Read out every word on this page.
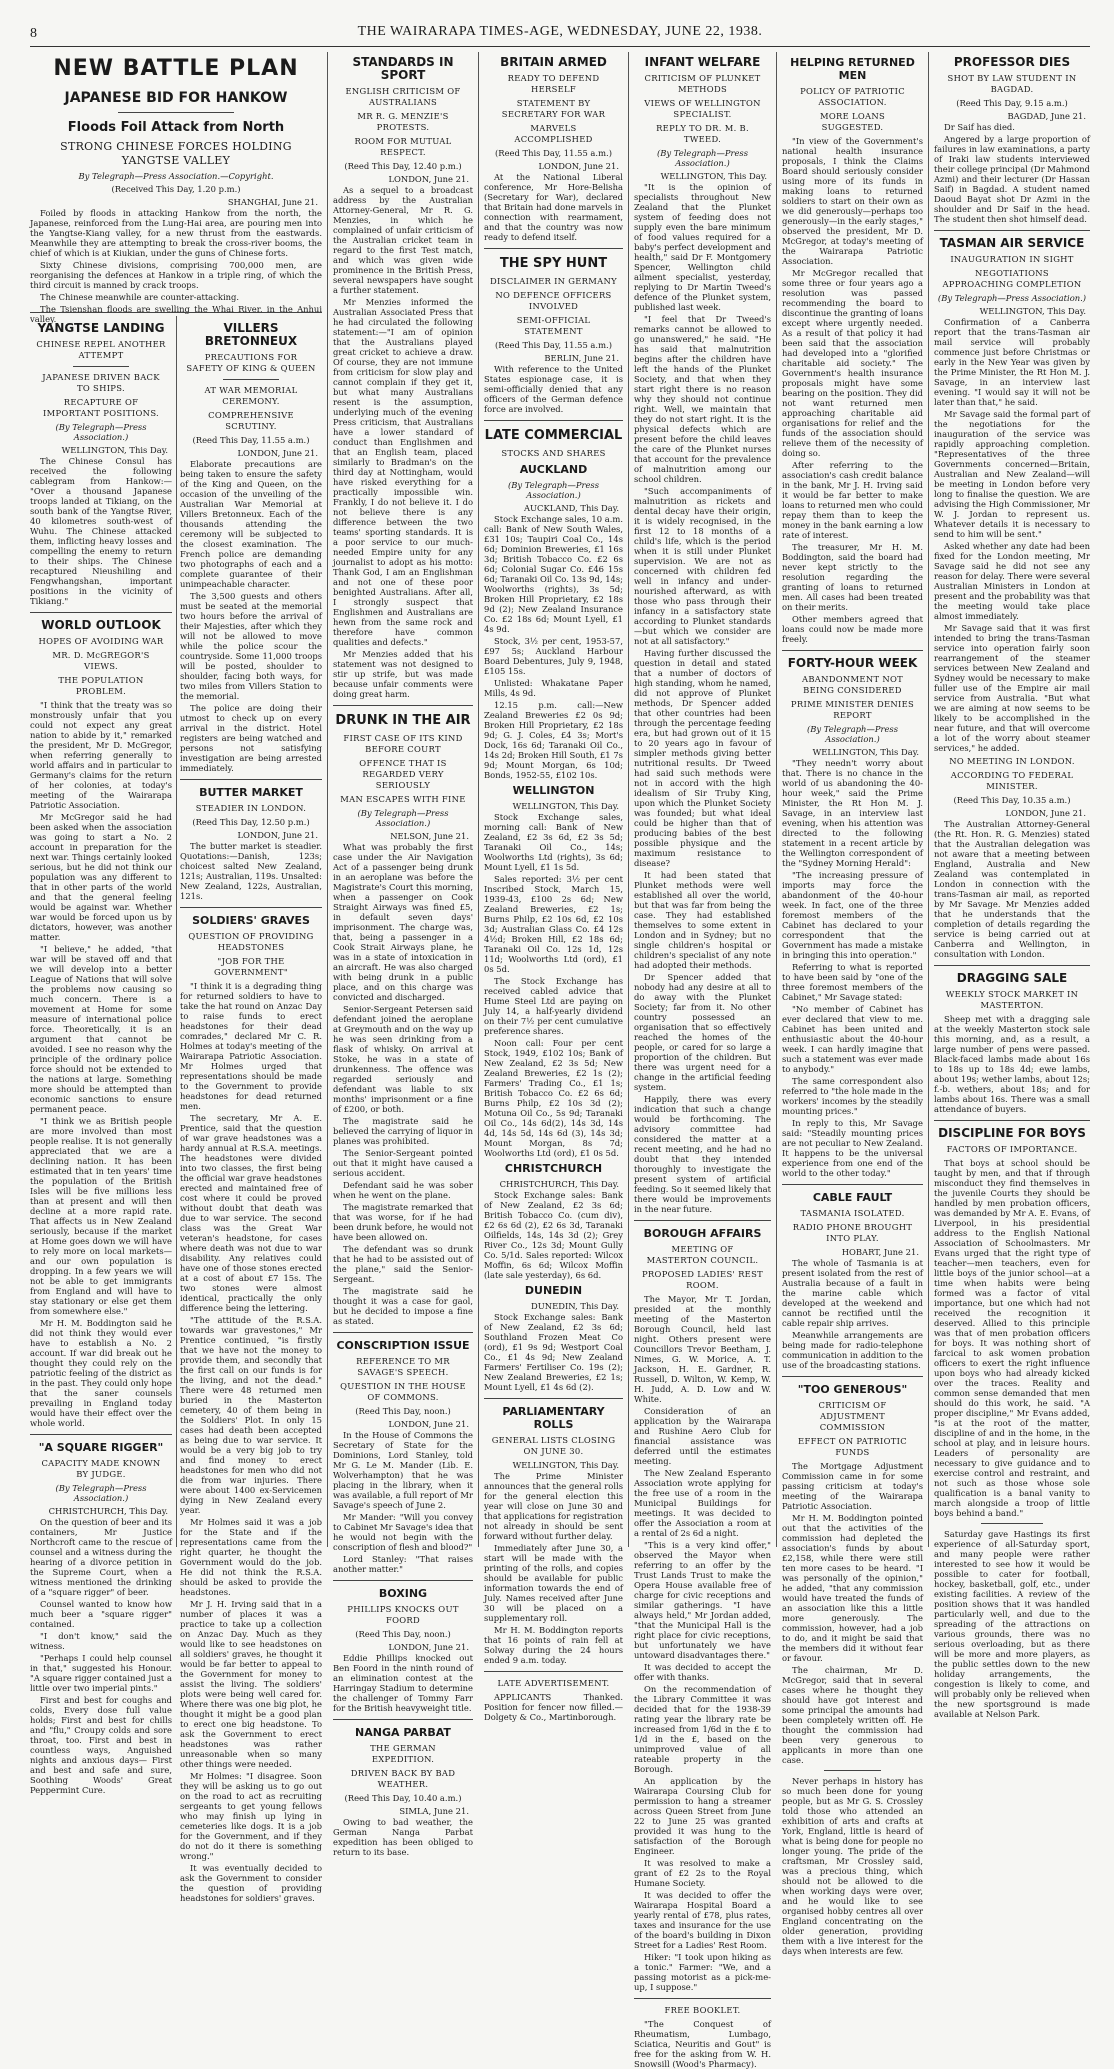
8	THE WAIRARAPA TIMES-AGE, WEDNESDAY, JUNE 22, 1938.
NEW BATTLE PLAN
JAPANESE BID FOR HANKOW
Floods Foil Attack from North
STRONG CHINESE FORCES HOLDING YANGTSE VALLEY
By Telegraph—Press Association.—Copyright.
(Received This Day, 1.20 p.m.)
SHANGHAI, June 21.

Foiled by floods in attacking Hankow from the north, the Japanese, reinforced from the Lung-Hai area, are pouring men into the Yangtse-Kiang valley, for a new thrust from the eastwards. Meanwhile they are attempting to break the cross-river booms, the chief of which is at Kiukian, under the guns of Chinese forts.

Sixty Chinese divisions, comprising 700,000 men, are reorganising the defences at Hankow in a triple ring, of which the third circuit is manned by crack troops.

The Chinese meanwhile are counter-attacking.

The Tsienshan floods are swelling the Whai River, in the Anhui valley.

YANGTSE LANDING
CHINESE REPEL ANOTHER ATTEMPT
JAPANESE DRIVEN BACK TO SHIPS.
RECAPTURE OF IMPORTANT POSITIONS.
(By Telegraph—Press Association.)
WELLINGTON, This Day.

The Chinese Consul has received the following cablegram from Hankow:— "Over a thousand Japanese troops landed at Tikiang, on the south bank of the Yangtse River, 40 kilometres south-west of Wuhu. The Chinese attacked them, inflicting heavy losses and compelling the enemy to return to their ships. The Chinese recaptured Nieushiling and Fengwhangshan, important positions in the vicinity of Tikiang."

WORLD OUTLOOK
HOPES OF AVOIDING WAR
MR. D. McGREGOR'S VIEWS.
THE POPULATION PROBLEM.

"I think that the treaty was so monstrously unfair that you could not expect any great nation to abide by it," remarked the president, Mr D. McGregor, when referring generally to world affairs and in particular to Germany's claims for the return of her colonies, at today's meeting of the Wairarapa Patriotic Association.

Mr McGregor said he had been asked when the association was going to start a No. 2 account in preparation for the next war. Things certainly looked serious, but he did not think our population was any different to that in other parts of the world and that the general feeling would be against war. Whether war would be forced upon us by dictators, however, was another matter.

"I believe," he added, "that war will be staved off and that we will develop into a better League of Nations that will solve the problems now causing so much concern. There is a movement at Home for some measure of international police force. Theoretically, it is an argument that cannot be avoided. I see no reason why the principle of the ordinary police force should not be extended to the nations at large. Something more should be attempted than economic sanctions to ensure permanent peace.

"I think we as British people are more involved than most people realise. It is not generally appreciated that we are a declining nation. It has been estimated that in ten years' time the population of the British Isles will be five millions less than at present and will then decline at a more rapid rate. That affects us in New Zealand seriously, because if the market at Home goes down we will have to rely more on local markets—and our own population is dropping. In a few years we will not be able to get immigrants from England and will have to stay stationary or else get them from somewhere else."

Mr H. M. Boddington said he did not think they would ever have to establish a No. 2 account. If war did break out he thought they could rely on the patriotic feeling of the district as in the past. They could only hope that the saner counsels prevailing in England today would have their effect over the whole world.

"A SQUARE RIGGER"
CAPACITY MADE KNOWN BY JUDGE.
(By Telegraph—Press Association.)
CHRISTCHURCH, This Day.

On the question of beer and its containers, Mr Justice Northcroft came to the rescue of counsel and a witness during the hearing of a divorce petition in the Supreme Court, when a witness mentioned the drinking of a "square rigger" of beer.

Counsel wanted to know how much beer a "square rigger" contained.

"I don't know," said the witness.

"Perhaps I could help counsel in that," suggested his Honour. "A square rigger contained just a little over two imperial pints."

First and best for coughs and colds, Every dose full value holds; First and best for chills and "flu," Croupy colds and sore throat, too. First and best in countless ways, Anguished nights and anxious days— First and best and safe and sure, Soothing Woods' Great Peppermint Cure.

VILLERS BRETONNEUX
PRECAUTIONS FOR SAFETY OF KING & QUEEN
AT WAR MEMORIAL CEREMONY.
COMPREHENSIVE SCRUTINY.
(Reed This Day, 11.55 a.m.)
LONDON, June 21.

Elaborate precautions are being taken to ensure the safety of the King and Queen, on the occasion of the unveiling of the Australian War Memorial at Villers Bretonneux. Each of the thousands attending the ceremony will be subjected to the closest examination. The French police are demanding two photographs of each and a complete guarantee of their unimpeachable character.

The 3,500 guests and others must be seated at the memorial two hours before the arrival of their Majesties, after which they will not be allowed to move while the police scour the countryside. Some 11,000 troops will be posted, shoulder to shoulder, facing both ways, for two miles from Villers Station to the memorial.

The police are doing their utmost to check up on every arrival in the district. Hotel registers are being watched and persons not satisfying investigation are being arrested immediately.

BUTTER MARKET
STEADIER IN LONDON.
(Reed This Day, 12.50 p.m.)
LONDON, June 21.

The butter market is steadier. Quotations:—Danish, 123s; choicest salted New Zealand, 121s; Australian, 119s. Unsalted: New Zealand, 122s, Australian, 121s.

SOLDIERS' GRAVES
QUESTION OF PROVIDING HEADSTONES
"JOB FOR THE GOVERNMENT"

"I think it is a degrading thing for returned soldiers to have to take the hat round on Anzac Day to raise funds to erect headstones for their dead comrades," declared Mr C. R. Holmes at today's meeting of the Wairarapa Patriotic Association. Mr Holmes urged that representations should be made to the Government to provide headstones for dead returned men.

The secretary, Mr A. E. Prentice, said that the question of war grave headstones was a hardy annual at R.S.A. meetings. The headstones were divided into two classes, the first being the official war grave headstones erected and maintained free of cost where it could be proved without doubt that death was due to war service. The second class was the Great War veteran's headstone, for cases where death was not due to war disability. Any relatives could have one of those stones erected at a cost of about £7 15s. The two stones were almost identical, practically the only difference being the lettering.

"The attitude of the R.S.A. towards war gravestones," Mr Prentice continued, "is firstly that we have not the money to provide them, and secondly that the first call on our funds is for the living, and not the dead." There were 48 returned men buried in the Masterton cemetery, 40 of them being in the Soldiers' Plot. In only 15 cases had death been accepted as being due to war service. It would be a very big job to try and find money to erect headstones for men who did not die from war injuries. There were about 1400 ex-Servicemen dying in New Zealand every year.

Mr Holmes said it was a job for the State and if the representations came from the right quarter, he thought the Government would do the job. He did not think the R.S.A. should be asked to provide the headstones.

Mr J. H. Irving said that in a number of places it was a practice to take up a collection on Anzac Day. Much as they would like to see headstones on all soldiers' graves, he thought it would be far better to appeal to the Government for money to assist the living. The soldiers' plots were being well cared for. Where there was one big plot, he thought it might be a good plan to erect one big headstone. To ask the Government to erect headstones was rather unreasonable when so many other things were needed.

Mr Holmes: "I disagree. Soon they will be asking us to go out on the road to act as recruiting sergeants to get young fellows who may finish up lying in cemeteries like dogs. It is a job for the Government, and if they do not do it there is something wrong."

It was eventually decided to ask the Government to consider the question of providing headstones for soldiers' graves.

STANDARDS IN SPORT
ENGLISH CRITICISM OF AUSTRALIANS
MR R. G. MENZIE'S PROTESTS.
ROOM FOR MUTUAL RESPECT.
(Reed This Day, 12.40 p.m.)
LONDON, June 21.

As a sequel to a broadcast address by the Australian Attorney-General, Mr R. G. Menzies, in which he complained of unfair criticism of the Australian cricket team in regard to the first Test match, and which was given wide prominence in the British Press, several newspapers have sought a further statement.

Mr Menzies informed the Australian Associated Press that he had circulated the following statement:—"I am of opinion that the Australians played great cricket to achieve a draw. Of course, they are not immune from criticism for slow play and cannot complain if they get it, but what many Australians resent is the assumption, underlying much of the evening Press criticism, that Australians have a lower standard of conduct than Englishmen and that an English team, placed similarly to Bradman's on the third day at Nottingham, would have risked everything for a practically impossible win. Frankly, I do not believe it. I do not believe there is any difference between the two teams' sporting standards. It is a poor service to our much-needed Empire unity for any journalist to adopt as his motto: Thank God, I am an Englishman and not one of these poor benighted Australians. After all, I strongly suspect that Englishmen and Australians are hewn from the same rock and therefore have common qualities and defects."

Mr Menzies added that his statement was not designed to stir up strife, but was made because unfair comments were doing great harm.

DRUNK IN THE AIR
FIRST CASE OF ITS KIND BEFORE COURT
OFFENCE THAT IS REGARDED VERY SERIOUSLY
MAN ESCAPES WITH FINE
(By Telegraph—Press Association.)
NELSON, June 21.

What was probably the first case under the Air Navigation Act of a passenger being drunk in an aeroplane was before the Magistrate's Court this morning, when a passenger on Cook Straight Airways was fined £5, in default seven days' imprisonment. The charge was, that, being a passenger in a Cook Strait Airways plane, he was in a state of intoxication in an aircraft. He was also charged with being drunk in a public place, and on this charge was convicted and discharged.

Senior-Sergeant Petersen said defendant joined the aeroplane at Greymouth and on the way up he was seen drinking from a flask of whisky. On arrival at Stoke, he was in a state of drunkenness. The offence was regarded seriously and defendant was liable to six months' imprisonment or a fine of £200, or both.

The magistrate said he believed the carrying of liquor in planes was prohibited.

The Senior-Sergeant pointed out that it might have caused a serious accident.

Defendant said he was sober when he went on the plane.

The magistrate remarked that that was worse, for if he had been drunk before, he would not have been allowed on.

The defendant was so drunk that he had to be assisted out of the plane," said the Senior-Sergeant.

The magistrate said he thought it was a case for gaol, but he decided to impose a fine as stated.

CONSCRIPTION ISSUE
REFERENCE TO MR SAVAGE'S SPEECH.
QUESTION IN THE HOUSE OF COMMONS.
(Reed This Day, noon.)
LONDON, June 21.

In the House of Commons the Secretary of State for the Dominions, Lord Stanley, told Mr G. Le M. Mander (Lib. E. Wolverhampton) that he was placing in the library, when it was available, a full report of Mr Savage's speech of June 2.

Mr Mander: "Will you convey to Cabinet Mr Savage's idea that he would not begin with the conscription of flesh and blood?"

Lord Stanley: "That raises another matter."

BOXING
PHILLIPS KNOCKS OUT FOORD
(Reed This Day, noon.)
LONDON, June 21.

Eddie Phillips knocked out Ben Foord in the ninth round of an elimination contest at the Harringay Stadium to determine the challenger of Tommy Farr for the British heavyweight title.

NANGA PARBAT
THE GERMAN EXPEDITION.
DRIVEN BACK BY BAD WEATHER.
(Reed This Day, 10.40 a.m.)
SIMLA, June 21.

Owing to bad weather, the German Nanga Parbat expedition has been obliged to return to its base.

BRITAIN ARMED
READY TO DEFEND HERSELF
STATEMENT BY SECRETARY FOR WAR
MARVELS ACCOMPLISHED
(Reed This Day, 11.55 a.m.)
LONDON, June 21.

At the National Liberal conference, Mr Hore-Belisha (Secretary for War), declared that Britain had done marvels in connection with rearmament, and that the country was now ready to defend itself.

THE SPY HUNT
DISCLAIMER IN GERMANY
NO DEFENCE OFFICERS INVOLVED
SEMI-OFFICIAL STATEMENT
(Reed This Day, 11.55 a.m.)
BERLIN, June 21.

With reference to the United States espionage case, it is semi-officially denied that any officers of the German defence force are involved.

LATE COMMERCIAL
STOCKS AND SHARES
AUCKLAND
(By Telegraph—Press Association.)
AUCKLAND, This Day.

Stock Exchange sales, 10 a.m. call: Bank of New South Wales, £31 10s; Taupiri Coal Co., 14s 6d; Dominion Breweries, £1 16s 3d; British Tobacco Co. £2 6s 6d; Colonial Sugar Co. £46 15s 6d; Taranaki Oil Co. 13s 9d, 14s; Woolworths (rights), 3s 5d; Broken Hill Proprietary, £2 18s 9d (2); New Zealand Insurance Co. £2 18s 6d; Mount Lyell, £1 4s 9d.

Stock, 3½ per cent, 1953-57, £97 5s; Auckland Harbour Board Debentures, July 9, 1948, £105 15s.

Unlisted: Whakatane Paper Mills, 4s 9d.

12.15 p.m. call:—New Zealand Breweries £2 0s 9d; Broken Hill Proprietary, £2 18s 9d; G. J. Coles, £4 3s; Mort's Dock, 16s 6d; Taranaki Oil Co., 14s 2d; Broken Hill South, £1 7s 9d; Mount Morgan, 6s 10d; Bonds, 1952-55, £102 10s.

WELLINGTON
WELLINGTON, This Day.

Stock Exchange sales, morning call: Bank of New Zealand, £2 3s 6d, £2 3s 5d; Taranaki Oil Co., 14s; Woolworths Ltd (rights), 3s 6d; Mount Lyell, £1 1s 5d.

Sales reported: 3½ per cent Inscribed Stock, March 15, 1939-43, £100 2s 6d; New Zealand Breweries, £2 1s; Burns Philp, £2 10s 6d, £2 10s 3d; Australian Glass Co. £4 12s 4½d; Broken Hill, £2 18s 6d; Taranaki Oil Co. 12s 1d, 12s 11d; Woolworths Ltd (ord), £1 0s 5d.

The Stock Exchange has received cabled advice that Hume Steel Ltd are paying on July 14, a half-yearly dividend on their 7½ per cent cumulative preference shares.

Noon call: Four per cent Stock, 1949, £102 10s; Bank of New Zealand, £2 3s 5d; New Zealand Breweries, £2 1s (2); Farmers' Trading Co., £1 1s; British Tobacco Co. £2 6s 6d; Burns Philp, £2 10s 3d (2); Motuna Oil Co., 5s 9d; Taranaki Oil Co., 14s 6d(2), 14s 3d, 14s 4d, 14s 5d, 14s 6d (3), 14s 3d; Mount Morgan, 8s 7d; Woolworths Ltd (ord), £1 0s 5d.

CHRISTCHURCH
CHRISTCHURCH, This Day.

Stock Exchange sales: Bank of New Zealand, £2 3s 6d; British Tobacco Co. (cum div), £2 6s 6d (2), £2 6s 3d, Taranaki Oilfields, 14s, 14s 3d (2); Grey River Co., 12s 3d; Mount Gully Co. 5/1d. Sales reported: Wilcox Moffin, 6s 6d; Wilcox Moffin (late sale yesterday), 6s 6d.

DUNEDIN
DUNEDIN, This Day.

Stock Exchange sales: Bank of New Zealand, £2 3s 6d; Southland Frozen Meat Co (ord), £1 9s 9d; Westport Coal Co., £1 4s 9d; New Zealand Farmers' Fertiliser Co. 19s (2); New Zealand Breweries, £2 1s; Mount Lyell, £1 4s 6d (2).

PARLIAMENTARY ROLLS
GENERAL LISTS CLOSING ON JUNE 30.
WELLINGTON, This Day.

The Prime Minister announces that the general rolls for the general election this year will close on June 30 and that applications for registration not already in should be sent forward without further delay.

Immediately after June 30, a start will be made with the printing of the rolls, and copies should be available for public information towards the end of July. Names received after June 30 will be placed on a supplementary roll.

Mr H. M. Boddington reports that 16 points of rain fell at Solway during the 24 hours ended 9 a.m. today.

LATE ADVERTISEMENT.

APPLICANTS Thanked. Position for fencer now filled.—Dolgety & Co., Martinborough.

INFANT WELFARE
CRITICISM OF PLUNKET METHODS
VIEWS OF WELLINGTON SPECIALIST.
REPLY TO DR. M. B. TWEED.
(By Telegraph—Press Association.)
WELLINGTON, This Day.

"It is the opinion of specialists throughout New Zealand that the Plunket system of feeding does not supply even the bare minimum of food values required for a baby's perfect development and health," said Dr F. Montgomery Spencer, Wellington child ailment specialist, yesterday, replying to Dr Martin Tweed's defence of the Plunket system, published last week.

"I feel that Dr Tweed's remarks cannot be allowed to go unanswered," he said. "He has said that malnutrition begins after the children have left the hands of the Plunket Society, and that when they start right there is no reason why they should not continue right. Well, we maintain that they do not start right. It is the physical defects which are present before the child leaves the care of the Plunket nurses that account for the prevalence of malnutrition among our school children.

"Such accompaniments of malnutrition as rickets and dental decay have their origin, it is widely recognised, in the first 12 to 18 months of a child's life, which is the period when it is still under Plunket supervision. We are not as concerned with children fed well in infancy and under-nourished afterward, as with those who pass through their infancy in a satisfactory state according to Plunket standards—but which we consider are not at all satisfactory."

Having further discussed the question in detail and stated that a number of doctors of high standing, whom he named, did not approve of Plunket methods, Dr Spencer added that other countries had been through the percentage feeding era, but had grown out of it 15 to 20 years ago in favour of simpler methods giving better nutritional results. Dr Tweed had said such methods were not in accord with the high idealism of Sir Truby King, upon which the Plunket Society was founded; but what ideal could be higher than that of producing babies of the best possible physique and the maximum resistance to disease?

It had been stated that Plunket methods were well established all over the world, but that was far from being the case. They had established themselves to some extent in London and in Sydney; but no single children's hospital or children's specialist of any note had adopted their methods.

Dr Spencer added that nobody had any desire at all to do away with the Plunket Society; far from it. No other country possessed an organisation that so effectively reached the homes of the people, or cared for so large a proportion of the children. But there was urgent need for a change in the artificial feeding system.

Happily, there was every indication that such a change would be forthcoming. The advisory committee had considered the matter at a recent meeting, and he had no doubt that they intended thoroughly to investigate the present system of artificial feeding. So it seemed likely that there would be improvements in the near future.

BOROUGH AFFAIRS
MEETING OF MASTERTON COUNCIL.
PROPOSED LADIES' REST ROOM.

The Mayor, Mr T. Jordan, presided at the monthly meeting of the Masterton Borough Council, held last night. Others present were Councillors Trevor Beetham, J. Nimes, G. W. Morice, A. T. Jackson, H. E. Gardner, R. Russell, D. Wilton, W. Kemp, W. H. Judd, A. D. Low and W. White.

Consideration of an application by the Wairarapa and Rushine Aero Club for financial assistance was deferred until the estimates meeting.

The New Zealand Esperanto Association wrote applying for the free use of a room in the Municipal Buildings for meetings. It was decided to offer the Association a room at a rental of 2s 6d a night.

"This is a very kind offer," observed the Mayor when referring to an offer by the Trust Lands Trust to make the Opera House available free of charge for civic receptions and similar gatherings. "I have always held," Mr Jordan added, "that the Municipal Hall is the right place for civic receptions, but unfortunately we have untoward disadvantages there."

It was decided to accept the offer with thanks.

On the recommendation of the Library Committee it was decided that for the 1938-39 rating year the library rate be increased from 1/6d in the £ to 1/d in the £, based on the unimproved value of all rateable property in the Borough.

An application by the Wairarapa Coursing Club for permission to hang a streamer across Queen Street from June 22 to June 25 was granted provided it was hung to the satisfaction of the Borough Engineer.

It was resolved to make a grant of £2 2s to the Royal Humane Society.

It was decided to offer the Wairarapa Hospital Board a yearly rental of £78, plus rates, taxes and insurance for the use of the board's building in Dixon Street for a Ladies' Rest Room.

Hiker: "I took upon hiking as a tonic." Farmer: "We, and a passing motorist as a pick-me-up, I suppose."

FREE BOOKLET.

"The Conquest of Rheumatism, Lumbago, Sciatica, Neuritis and Gout" is free for the asking from W. H. Snowsill (Wood's Pharmacy).

HELPING RETURNED MEN
POLICY OF PATRIOTIC ASSOCIATION.
MORE LOANS SUGGESTED.

"In view of the Government's national health insurance proposals, I think the Claims Board should seriously consider using more of its funds in making loans to returned soldiers to start on their own as we did generously—perhaps too generously—in the early stages," observed the president, Mr D. McGregor, at today's meeting of the Wairarapa Patriotic Association.

Mr McGregor recalled that some three or four years ago a resolution was passed recommending the board to discontinue the granting of loans except where urgently needed. As a result of that policy it had been said that the association had developed into a "glorified charitable aid society." The Government's health insurance proposals might have some bearing on the position. They did not want returned men approaching charitable aid organisations for relief and the funds of the association should relieve them of the necessity of doing so.

After referring to the association's cash credit balance in the bank, Mr J. H. Irving said it would be far better to make loans to returned men who could repay them than to keep the money in the bank earning a low rate of interest.

The treasurer, Mr H. M. Boddington, said the board had never kept strictly to the resolution regarding the granting of loans to returned men. All cases had been treated on their merits.

Other members agreed that loans could now be made more freely.

FORTY-HOUR WEEK
ABANDONMENT NOT BEING CONSIDERED
PRIME MINISTER DENIES REPORT
(By Telegraph—Press Association.)
WELLINGTON, This Day.

"They needn't worry about that. There is no chance in the world of us abandoning the 40-hour week," said the Prime Minister, the Rt Hon M. J. Savage, in an interview last evening, when his attention was directed to the following statement in a recent article by the Wellington correspondent of the "Sydney Morning Herald":

"The increasing pressure of imports may force the abandonment of the 40-hour week. In fact, one of the three foremost members of the Cabinet has declared to your correspondent that the Government has made a mistake in bringing this into operation."

Referring to what is reported to have been said by "one of the three foremost members of the Cabinet," Mr Savage stated:

"No member of Cabinet has ever declared that view to me. Cabinet has been united and enthusiastic about the 40-hour week. I can hardly imagine that such a statement was ever made to anybody."

The same correspondent also referred to "the hole made in the workers' incomes by the steadily mounting prices."

In reply to this, Mr Savage said: "Steadily mounting prices are not peculiar to New Zealand. It happens to be the universal experience from one end of the world to the other today."

CABLE FAULT
TASMANIA ISOLATED.
RADIO PHONE BROUGHT INTO PLAY.
HOBART, June 21.

The whole of Tasmania is at present isolated from the rest of Australia because of a fault in the marine cable which developed at the weekend and cannot be rectified until the cable repair ship arrives.

Meanwhile arrangements are being made for radio-telephone communication in addition to the use of the broadcasting stations.

"TOO GENEROUS"
CRITICISM OF ADJUSTMENT COMMISSION
EFFECT ON PATRIOTIC FUNDS

The Mortgage Adjustment Commission came in for some passing criticism at today's meeting of the Wairarapa Patriotic Association.

Mr H. M. Boddington pointed out that the activities of the commission had depleted the association's funds by about £2,158, while there were still ten more cases to be heard. "I was personally of the opinion," he added, "that any commission would have treated the funds of an association like this a little more generously. The commission, however, had a job to do, and it might be said that the members did it without fear or favour.

The chairman, Mr D. McGregor, said that in several cases where he thought they should have got interest and some principal the amounts had been completely written off. He thought the commission had been very generous to applicants in more than one case.

Never perhaps in history has so much been done for young people, but as Mr G. S. Crossley told those who attended an exhibition of arts and crafts at York, England, little is heard of what is being done for people no longer young. The pride of the craftsman, Mr Crossley said, was a precious thing, which should not be allowed to die when working days were over, and he would like to see organised hobby centres all over England concentrating on the older generation, providing them with a live interest for the days when interests are few.

PROFESSOR DIES
SHOT BY LAW STUDENT IN BAGDAD.
(Reed This Day, 9.15 a.m.)
BAGDAD, June 21.

Dr Saif has died.

Angered by a large proportion of failures in law examinations, a party of Iraki law students interviewed their college principal (Dr Mahmond Azmi) and their lecturer (Dr Hassan Saif) in Bagdad. A student named Daoud Bayat shot Dr Azmi in the shoulder and Dr Saif in the head. The student then shot himself dead.

TASMAN AIR SERVICE
INAUGURATION IN SIGHT
NEGOTIATIONS APPROACHING COMPLETION
(By Telegraph—Press Association.)
WELLINGTON, This Day.

Confirmation of a Canberra report that the trans-Tasman air mail service will probably commence just before Christmas or early in the New Year was given by the Prime Minister, the Rt Hon M. J. Savage, in an interview last evening. "I would say it will not be later than that," he said.

Mr Savage said the formal part of the negotiations for the inauguration of the service was rapidly approaching completion. "Representatives of the three Governments concerned—Britain, Australian and New Zealand—will be meeting in London before very long to finalise the question. We are advising the High Commissioner, Mr W. J. Jordan to represent us. Whatever details it is necessary to send to him will be sent."

Asked whether any date had been fixed for the London meeting, Mr Savage said he did not see any reason for delay. There were several Australian Ministers in London at present and the probability was that the meeting would take place almost immediately.

Mr Savage said that it was first intended to bring the trans-Tasman service into operation fairly soon rearrangement of the steamer services between New Zealand and Sydney would be necessary to make fuller use of the Empire air mail service from Australia. "But what we are aiming at now seems to be likely to be accomplished in the near future, and that will overcome a lot of the worry about steamer services," he added.

NO MEETING IN LONDON.
ACCORDING TO FEDERAL MINISTER.
(Reed This Day, 10.35 a.m.)
LONDON, June 21.

The Australian Attorney-General (the Rt. Hon. R. G. Menzies) stated that the Australian delegation was not aware that a meeting between England, Australia and New Zealand was contemplated in London in connection with the trans-Tasman air mail, as reported by Mr Savage. Mr Menzies added that he understands that the completion of details regarding the service is being carried out at Canberra and Wellington, in consultation with London.

DRAGGING SALE
WEEKLY STOCK MARKET IN MASTERTON.

Sheep met with a dragging sale at the weekly Masterton stock sale this morning, and, as a result, a large number of pens were passed. Black-faced lambs made about 16s to 18s up to 18s 4d; ewe lambs, about 19s; wether lambs, about 12s; f.-b. wethers, about 18s; and for lambs about 16s. There was a small attendance of buyers.

DISCIPLINE FOR BOYS
FACTORS OF IMPORTANCE.

That boys at school should be taught by men, and that if through misconduct they find themselves in the juvenile Courts they should be handled by men probation officers, was demanded by Mr A. E. Evans, of Liverpool, in his presidential address to the English National Association of Schoolmasters. Mr Evans urged that the right type of teacher—men teachers, even for little boys of the junior school—at a time when habits were being formed was a factor of vital importance, but one which had not received the recognition it deserved. Allied to this principle was that of men probation officers for boys. It was nothing short of farcical to ask women probation officers to exert the right influence upon boys who had already kicked over the traces. Reality and common sense demanded that men should do this work, he said. "A proper discipline," Mr Evans added, "is at the root of the matter, discipline of and in the home, in the school at play, and in leisure hours. Leaders of personality are necessary to give guidance and to exercise control and restraint, and not such as those whose sole qualification is a banal vanity to march alongside a troop of little boys behind a band."

Saturday gave Hastings its first experience of all-Saturday sport, and many people were rather interested to see how it would be possible to cater for football, hockey, basketball, golf, etc., under existing facilities. A review of the position shows that it was handled particularly well, and due to the spreading of the attractions on various grounds, there was no serious overloading, but as there will be more and more players, as the public settles down to the new holiday arrangements, the congestion is likely to come, and will probably only be relieved when the new sportsground is made available at Nelson Park.
